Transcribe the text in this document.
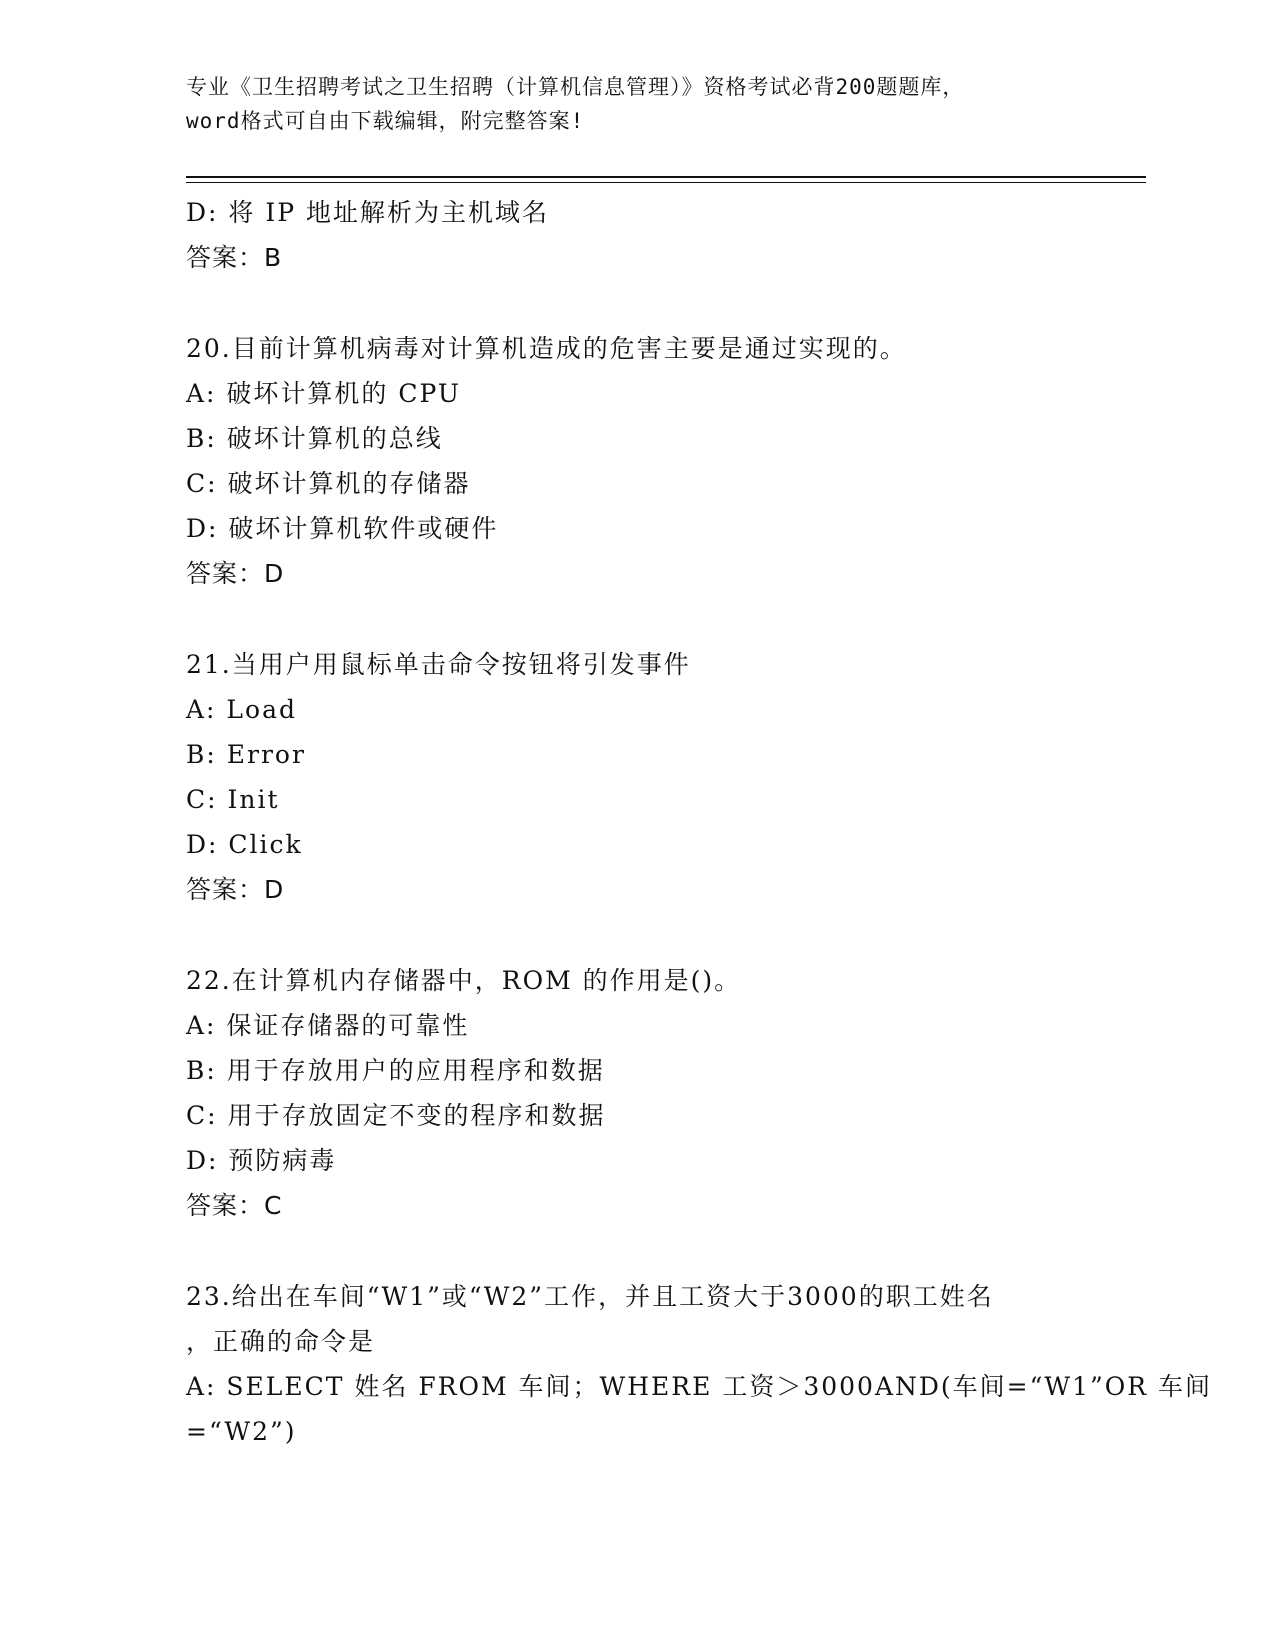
专业《卫生招聘考试之卫生招聘（计算机信息管理）》资格考试必背200题题库，
word格式可自由下载编辑，附完整答案!
D: 将 IP 地址解析为主机域名
答案：B
20.目前计算机病毒对计算机造成的危害主要是通过实现的。
A: 破坏计算机的 CPU
B: 破坏计算机的总线
C: 破坏计算机的存储器
D: 破坏计算机软件或硬件
答案：D
21.当用户用鼠标单击命令按钮将引发事件
A: Load
B: Error
C: Init
D: Click
答案：D
22.在计算机内存储器中，ROM 的作用是()。
A: 保证存储器的可靠性
B: 用于存放用户的应用程序和数据
C: 用于存放固定不变的程序和数据
D: 预防病毒
答案：C
23.给出在车间“W1”或“W2”工作，并且工资大于3000的职工姓名
，正确的命令是
A: SELECT 姓名 FROM 车间；WHERE 工资＞3000AND(车间=“W1”OR 车间
=“W2”)
